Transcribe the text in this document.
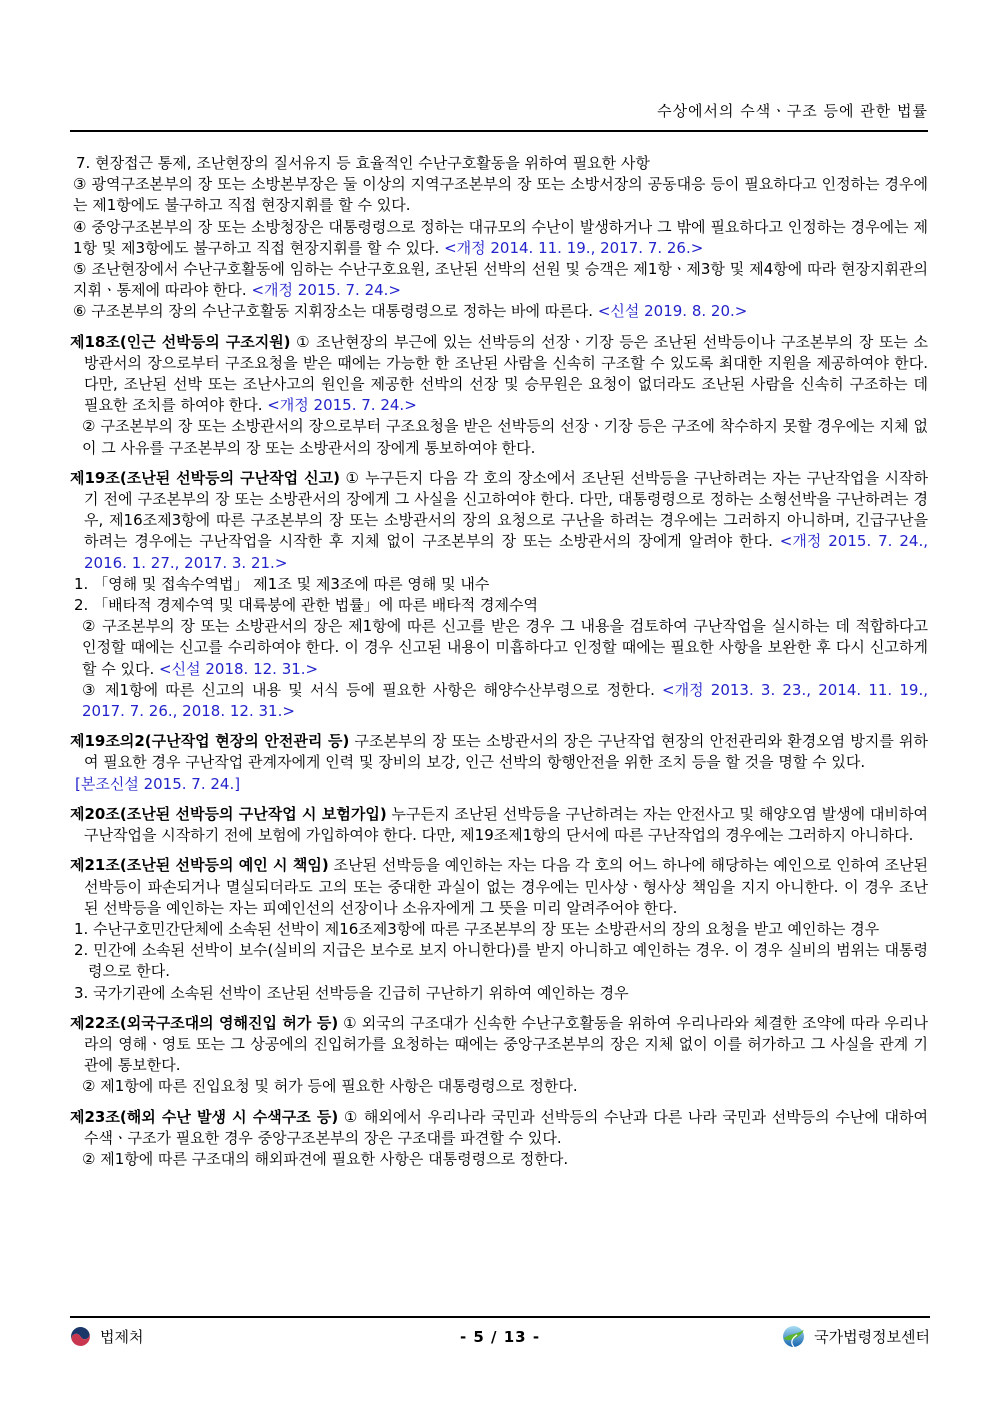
수상에서의 수색ㆍ구조 등에 관한 법률

7. 현장접근 통제, 조난현장의 질서유지 등 효율적인 수난구호활동을 위하여 필요한 사항

③ 광역구조본부의 장 또는 소방본부장은 둘 이상의 지역구조본부의 장 또는 소방서장의 공동대응 등이 필요하다고 인정하는 경우에는 제1항에도 불구하고 직접 현장지휘를 할 수 있다.

④ 중앙구조본부의 장 또는 소방청장은 대통령령으로 정하는 대규모의 수난이 발생하거나 그 밖에 필요하다고 인정하는 경우에는 제1항 및 제3항에도 불구하고 직접 현장지휘를 할 수 있다. <개정 2014. 11. 19., 2017. 7. 26.>

⑤ 조난현장에서 수난구호활동에 임하는 수난구호요원, 조난된 선박의 선원 및 승객은 제1항ㆍ제3항 및 제4항에 따라 현장지휘관의 지휘ㆍ통제에 따라야 한다. <개정 2015. 7. 24.>

⑥ 구조본부의 장의 수난구호활동 지휘장소는 대통령령으로 정하는 바에 따른다. <신설 2019. 8. 20.>

제18조(인근 선박등의 구조지원) ① 조난현장의 부근에 있는 선박등의 선장ㆍ기장 등은 조난된 선박등이나 구조본부의 장 또는 소방관서의 장으로부터 구조요청을 받은 때에는 가능한 한 조난된 사람을 신속히 구조할 수 있도록 최대한 지원을 제공하여야 한다. 다만, 조난된 선박 또는 조난사고의 원인을 제공한 선박의 선장 및 승무원은 요청이 없더라도 조난된 사람을 신속히 구조하는 데 필요한 조치를 하여야 한다. <개정 2015. 7. 24.>

② 구조본부의 장 또는 소방관서의 장으로부터 구조요청을 받은 선박등의 선장ㆍ기장 등은 구조에 착수하지 못할 경우에는 지체 없이 그 사유를 구조본부의 장 또는 소방관서의 장에게 통보하여야 한다.

제19조(조난된 선박등의 구난작업 신고) ① 누구든지 다음 각 호의 장소에서 조난된 선박등을 구난하려는 자는 구난작업을 시작하기 전에 구조본부의 장 또는 소방관서의 장에게 그 사실을 신고하여야 한다. 다만, 대통령령으로 정하는 소형선박을 구난하려는 경우, 제16조제3항에 따른 구조본부의 장 또는 소방관서의 장의 요청으로 구난을 하려는 경우에는 그러하지 아니하며, 긴급구난을 하려는 경우에는 구난작업을 시작한 후 지체 없이 구조본부의 장 또는 소방관서의 장에게 알려야 한다. <개정 2015. 7. 24., 2016. 1. 27., 2017. 3. 21.>

1. 「영해 및 접속수역법」 제1조 및 제3조에 따른 영해 및 내수

2. 「배타적 경제수역 및 대륙붕에 관한 법률」에 따른 배타적 경제수역

② 구조본부의 장 또는 소방관서의 장은 제1항에 따른 신고를 받은 경우 그 내용을 검토하여 구난작업을 실시하는 데 적합하다고 인정할 때에는 신고를 수리하여야 한다. 이 경우 신고된 내용이 미흡하다고 인정할 때에는 필요한 사항을 보완한 후 다시 신고하게 할 수 있다. <신설 2018. 12. 31.>

③ 제1항에 따른 신고의 내용 및 서식 등에 필요한 사항은 해양수산부령으로 정한다. <개정 2013. 3. 23., 2014. 11. 19., 2017. 7. 26., 2018. 12. 31.>

제19조의2(구난작업 현장의 안전관리 등) 구조본부의 장 또는 소방관서의 장은 구난작업 현장의 안전관리와 환경오염 방지를 위하여 필요한 경우 구난작업 관계자에게 인력 및 장비의 보강, 인근 선박의 항행안전을 위한 조치 등을 할 것을 명할 수 있다.

[본조신설 2015. 7. 24.]

제20조(조난된 선박등의 구난작업 시 보험가입) 누구든지 조난된 선박등을 구난하려는 자는 안전사고 및 해양오염 발생에 대비하여 구난작업을 시작하기 전에 보험에 가입하여야 한다. 다만, 제19조제1항의 단서에 따른 구난작업의 경우에는 그러하지 아니하다.

제21조(조난된 선박등의 예인 시 책임) 조난된 선박등을 예인하는 자는 다음 각 호의 어느 하나에 해당하는 예인으로 인하여 조난된 선박등이 파손되거나 멸실되더라도 고의 또는 중대한 과실이 없는 경우에는 민사상ㆍ형사상 책임을 지지 아니한다. 이 경우 조난된 선박등을 예인하는 자는 피예인선의 선장이나 소유자에게 그 뜻을 미리 알려주어야 한다.

1. 수난구호민간단체에 소속된 선박이 제16조제3항에 따른 구조본부의 장 또는 소방관서의 장의 요청을 받고 예인하는 경우

2. 민간에 소속된 선박이 보수(실비의 지급은 보수로 보지 아니한다)를 받지 아니하고 예인하는 경우. 이 경우 실비의 범위는 대통령령으로 한다.

3. 국가기관에 소속된 선박이 조난된 선박등을 긴급히 구난하기 위하여 예인하는 경우

제22조(외국구조대의 영해진입 허가 등) ① 외국의 구조대가 신속한 수난구호활동을 위하여 우리나라와 체결한 조약에 따라 우리나라의 영해ㆍ영토 또는 그 상공에의 진입허가를 요청하는 때에는 중앙구조본부의 장은 지체 없이 이를 허가하고 그 사실을 관계 기관에 통보한다.

② 제1항에 따른 진입요청 및 허가 등에 필요한 사항은 대통령령으로 정한다.

제23조(해외 수난 발생 시 수색구조 등) ① 해외에서 우리나라 국민과 선박등의 수난과 다른 나라 국민과 선박등의 수난에 대하여 수색ㆍ구조가 필요한 경우 중앙구조본부의 장은 구조대를 파견할 수 있다.

② 제1항에 따른 구조대의 해외파견에 필요한 사항은 대통령령으로 정한다.

법제처	- 5 / 13 -	국가법령정보센터
